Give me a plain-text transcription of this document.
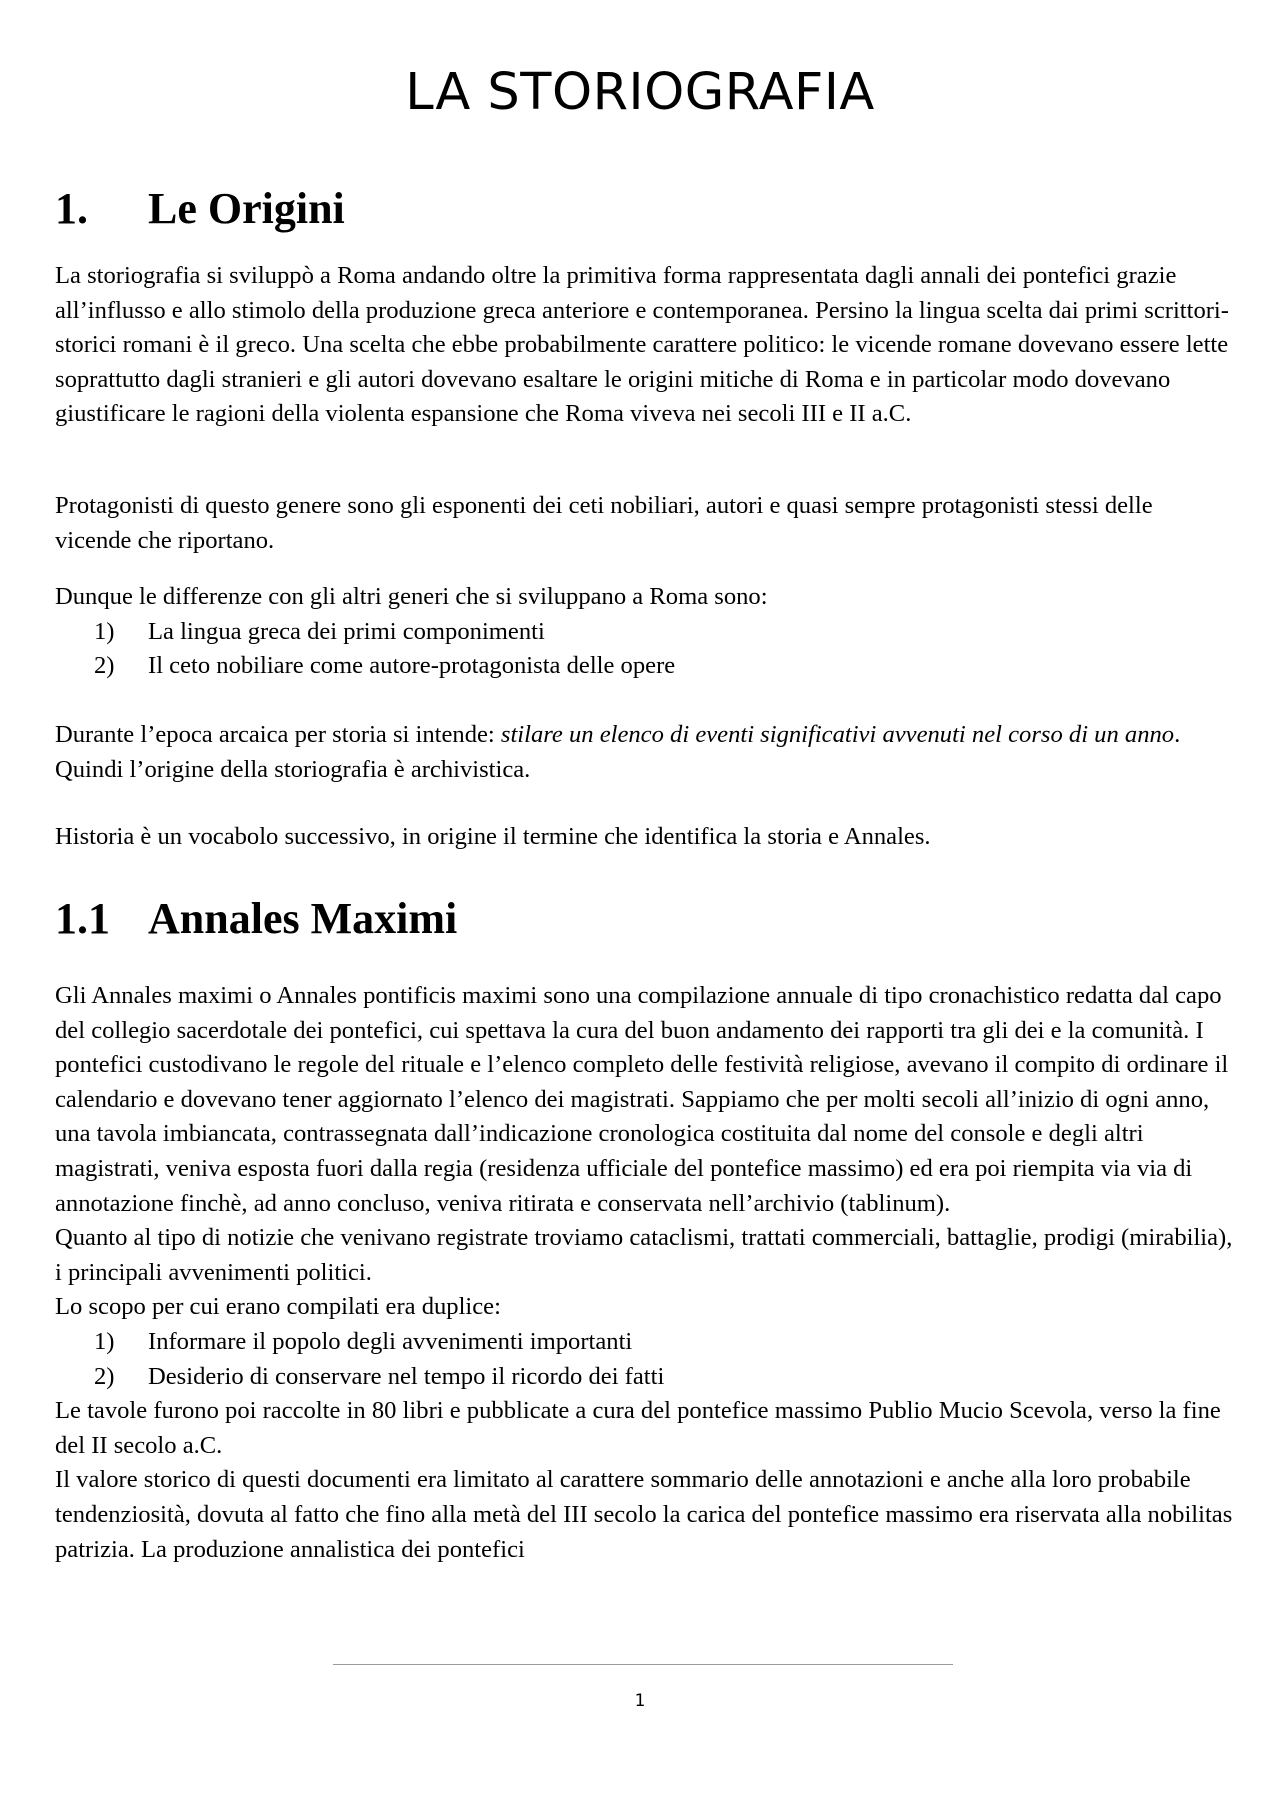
LA STORIOGRAFIA
1. Le Origini

La storiografia si sviluppò a Roma andando oltre la primitiva forma rappresentata dagli annali dei pontefici grazie all’influsso e allo stimolo della produzione greca anteriore e contemporanea. Persino la lingua scelta dai primi scrittori-storici romani è il greco. Una scelta che ebbe probabilmente carattere politico: le vicende romane dovevano essere lette soprattutto dagli stranieri e gli autori dovevano esaltare le origini mitiche di Roma e in particolar modo dovevano giustificare le ragioni della violenta espansione che Roma viveva nei secoli III e II a.C.

Protagonisti di questo genere sono gli esponenti dei ceti nobiliari, autori e quasi sempre protagonisti stessi delle vicende che riportano.

Dunque le differenze con gli altri generi che si sviluppano a Roma sono:

1) La lingua greca dei primi componimenti
2) Il ceto nobiliare come autore-protagonista delle opere

Durante l’epoca arcaica per storia si intende: stilare un elenco di eventi significativi avvenuti nel corso di un anno. Quindi l’origine della storiografia è archivistica.

Historia è un vocabolo successivo, in origine il termine che identifica la storia e Annales.

1.1 Annales Maximi

Gli Annales maximi o Annales pontificis maximi sono una compilazione annuale di tipo cronachistico redatta dal capo del collegio sacerdotale dei pontefici, cui spettava la cura del buon andamento dei rapporti tra gli dei e la comunità. I pontefici custodivano le regole del rituale e l’elenco completo delle festività religiose, avevano il compito di ordinare il calendario e dovevano tener aggiornato l’elenco dei magistrati. Sappiamo che per molti secoli all’inizio di ogni anno, una tavola imbiancata, contrassegnata dall’indicazione cronologica costituita dal nome del console e degli altri magistrati, veniva esposta fuori dalla regia (residenza ufficiale del pontefice massimo) ed era poi riempita via via di annotazione finchè, ad anno concluso, veniva ritirata e conservata nell’archivio (tablinum).

Quanto al tipo di notizie che venivano registrate troviamo cataclismi, trattati commerciali, battaglie, prodigi (mirabilia), i principali avvenimenti politici.

Lo scopo per cui erano compilati era duplice:

1) Informare il popolo degli avvenimenti importanti
2) Desiderio di conservare nel tempo il ricordo dei fatti

Le tavole furono poi raccolte in 80 libri e pubblicate a cura del pontefice massimo Publio Mucio Scevola, verso la fine del II secolo a.C.

Il valore storico di questi documenti era limitato al carattere sommario delle annotazioni e anche alla loro probabile tendenziosità, dovuta al fatto che fino alla metà del III secolo la carica del pontefice massimo era riservata alla nobilitas patrizia. La produzione annalistica dei pontefici

1
